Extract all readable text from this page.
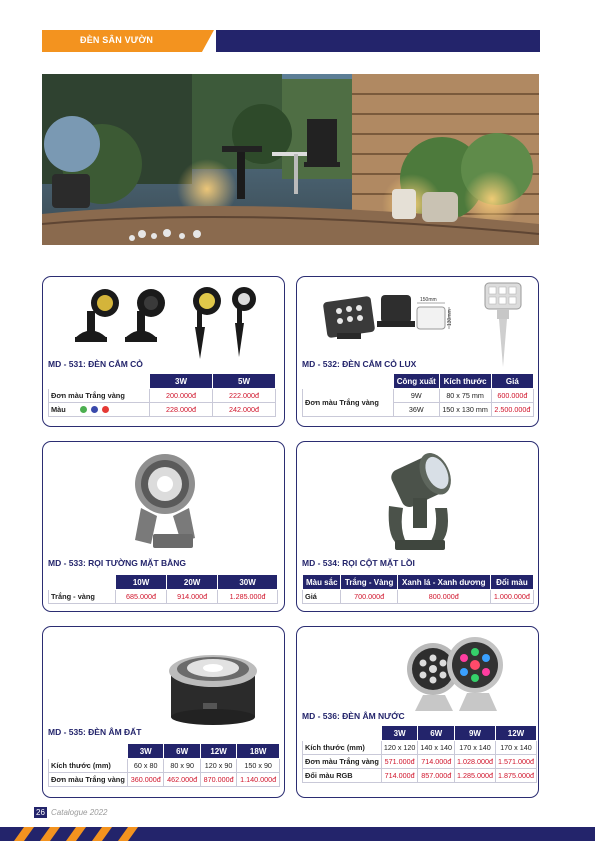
ĐÈN SÂN VƯỜN
MD - 531: ĐÈN CẮM CỎ
	3W	5W
Đơn màu Trắng vàng	200.000đ	222.000đ
Màu	228.000đ	242.000đ
150mm
130mm
MD - 532: ĐÈN CẮM CỎ LUX
	Công xuất	Kích thước	Giá
Đơn màu Trắng vàng	9W	80 x 75 mm	600.000đ
	36W	150 x 130 mm	2.500.000đ
MD - 533: RỌI TƯỜNG MẶT BẰNG
	10W	20W	30W
Trắng - vàng	685.000đ	914.000đ	1.285.000đ
MD - 534: RỌI CỘT MẶT LỒI
Màu sắc	Trắng - Vàng	Xanh lá - Xanh dương	Đổi màu
Giá	700.000đ	800.000đ	1.000.000đ
MD - 535: ĐÈN ÂM ĐẤT
	3W	6W	12W	18W
Kích thước (mm)	60 x 80	80 x 90	120 x 90	150 x 90
Đơn màu Trắng vàng	360.000đ	462.000đ	870.000đ	1.140.000đ
MD - 536: ĐÈN ÂM NƯỚC
	3W	6W	9W	12W
Kích thước (mm)	120 x 120	140 x 140	170 x 140	170 x 140
Đơn màu Trắng vàng	571.000đ	714.000đ	1.028.000đ	1.571.000đ
Đổi màu RGB	714.000đ	857.000đ	1.285.000đ	1.875.000đ
26 Catalogue 2022
